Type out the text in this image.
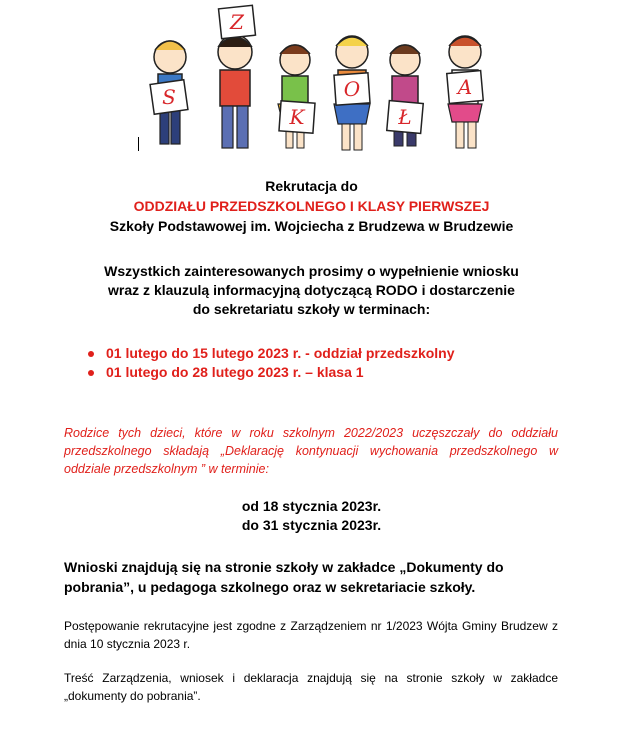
Z
S
K
O
Ł
A
Rekrutacja do
ODDZIAŁU PRZEDSZKOLNEGO I KLASY PIERWSZEJ
Szkoły Podstawowej im. Wojciecha z Brudzewa w Brudzewie
Wszystkich zainteresowanych prosimy o wypełnienie wniosku
wraz z klauzulą informacyjną dotyczącą RODO i dostarczenie
do sekretariatu szkoły w terminach:
01 lutego do 15 lutego 2023 r. - oddział przedszkolny
01 lutego do 28 lutego 2023 r. – klasa 1
Rodzice tych dzieci, które w roku szkolnym 2022/2023 uczęszczały do oddziału przedszkolnego składają „Deklarację kontynuacji wychowania przedszkolnego w oddziale przedszkolnym ” w terminie:
od 18 stycznia 2023r.
do 31 stycznia 2023r.
Wnioski znajdują się na stronie szkoły w zakładce „Dokumenty do pobrania”, u pedagoga szkolnego oraz w sekretariacie szkoły.
Postępowanie rekrutacyjne jest zgodne z Zarządzeniem nr 1/2023 Wójta Gminy Brudzew z dnia 10 stycznia 2023 r.
Treść Zarządzenia, wniosek i deklaracja znajdują się na stronie szkoły w zakładce „dokumenty do pobrania”.
